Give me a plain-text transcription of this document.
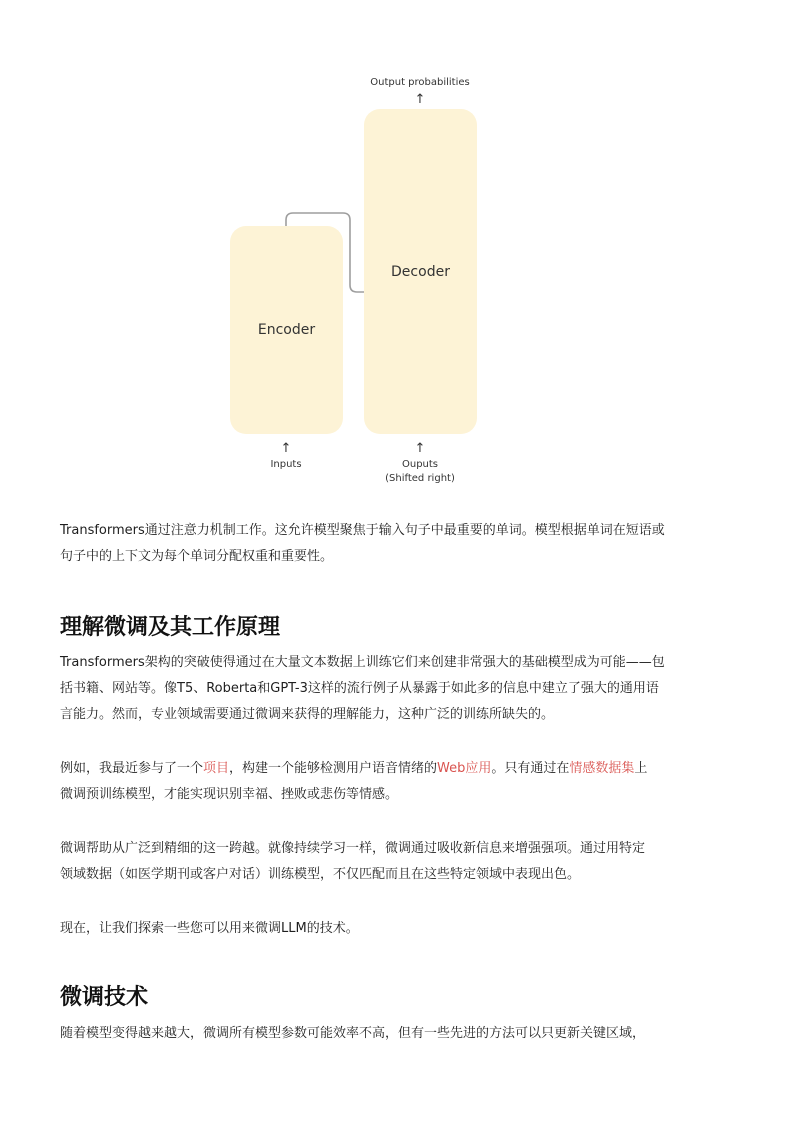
Output probabilities
↑
Encoder
Decoder
↑
Inputs
↑
Ouputs
(Shifted right)

Transformers通过注意力机制工作。这允许模型聚焦于输入句子中最重要的单词。模型根据单词在短语或
句子中的上下文为每个单词分配权重和重要性。

理解微调及其工作原理

Transformers架构的突破使得通过在大量文本数据上训练它们来创建非常强大的基础模型成为可能——包
括书籍、网站等。像T5、Roberta和GPT-3这样的流行例子从暴露于如此多的信息中建立了强大的通用语
言能力。然而，专业领域需要通过微调来获得的理解能力，这种广泛的训练所缺失的。

例如，我最近参与了一个项目，构建一个能够检测用户语音情绪的Web应用。只有通过在情感数据集上
微调预训练模型，才能实现识别幸福、挫败或悲伤等情感。

微调帮助从广泛到精细的这一跨越。就像持续学习一样，微调通过吸收新信息来增强强项。通过用特定
领域数据（如医学期刊或客户对话）训练模型，不仅匹配而且在这些特定领域中表现出色。

现在，让我们探索一些您可以用来微调LLM的技术。

微调技术

随着模型变得越来越大，微调所有模型参数可能效率不高，但有一些先进的方法可以只更新关键区域，
